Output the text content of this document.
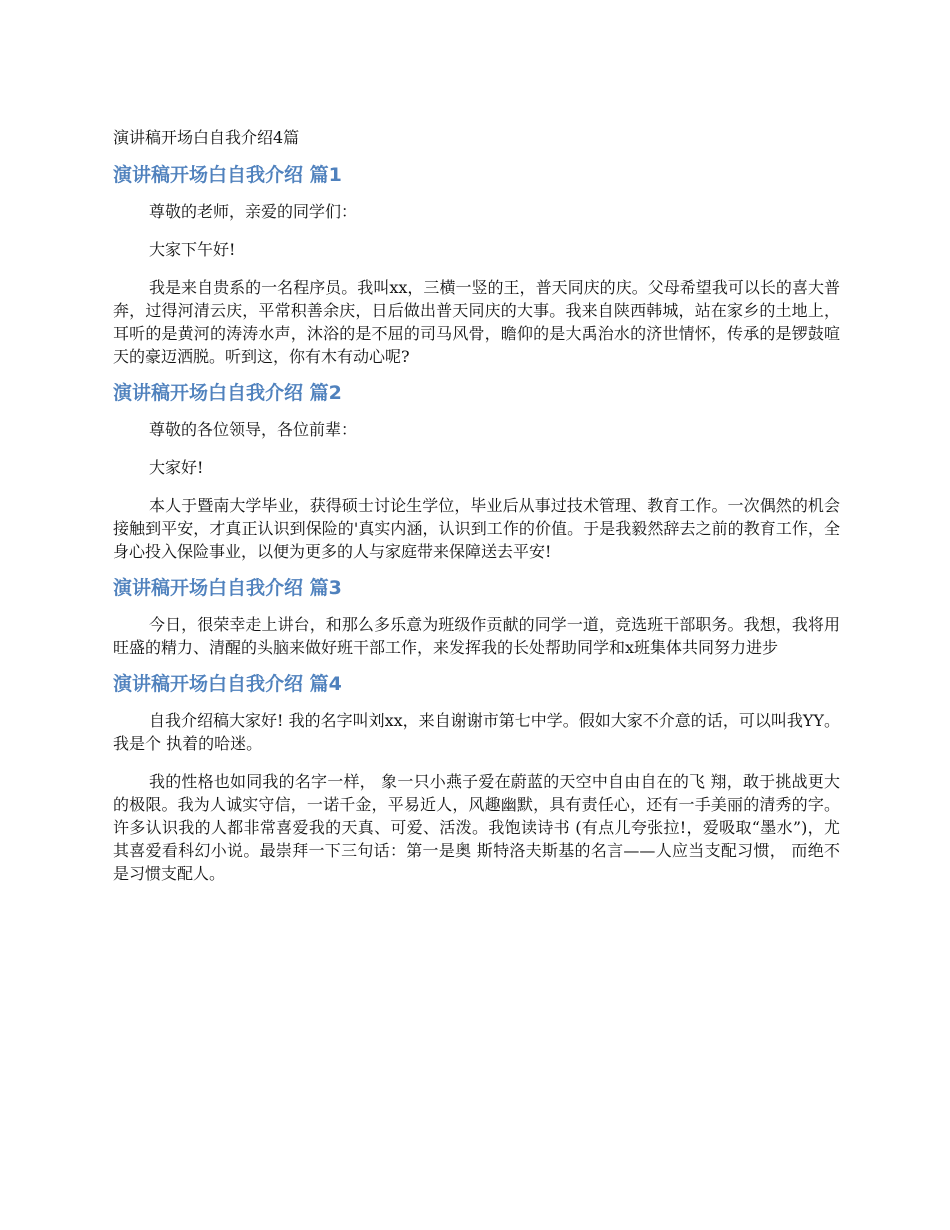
演讲稿开场白自我介绍4篇

演讲稿开场白自我介绍 篇1

尊敬的老师，亲爱的同学们：

大家下午好!

我是来自贵系的一名程序员。我叫xx，三横一竖的王，普天同庆的庆。父母希望我可以长的喜大普奔，过得河清云庆，平常积善余庆，日后做出普天同庆的大事。我来自陕西韩城，站在家乡的土地上，耳听的是黄河的涛涛水声，沐浴的是不屈的司马风骨，瞻仰的是大禹治水的济世情怀，传承的是锣鼓喧天的豪迈洒脱。听到这，你有木有动心呢?

演讲稿开场白自我介绍 篇2

尊敬的各位领导，各位前辈：

大家好!

本人于暨南大学毕业，获得硕士讨论生学位，毕业后从事过技术管理、教育工作。一次偶然的机会接触到平安，才真正认识到保险的'真实内涵，认识到工作的价值。于是我毅然辞去之前的教育工作，全身心投入保险事业，以便为更多的人与家庭带来保障送去平安!

演讲稿开场白自我介绍 篇3

今日，很荣幸走上讲台，和那么多乐意为班级作贡献的同学一道，竞选班干部职务。我想，我将用旺盛的精力、清醒的头脑来做好班干部工作，来发挥我的长处帮助同学和x班集体共同努力进步

演讲稿开场白自我介绍 篇4

自我介绍稿大家好! 我的名字叫刘xx，来自谢谢市第七中学。假如大家不介意的话，可以叫我YY。我是个 执着的哈迷。

我的性格也如同我的名字一样， 象一只小燕子爱在蔚蓝的天空中自由自在的飞 翔，敢于挑战更大的极限。我为人诚实守信，一诺千金，平易近人，风趣幽默，具有责任心，还有一手美丽的清秀的字。许多认识我的人都非常喜爱我的天真、可爱、活泼。我饱读诗书 (有点儿夸张拉!，爱吸取“墨水”)，尤其喜爱看科幻小说。最崇拜一下三句话：第一是奥 斯特洛夫斯基的名言——人应当支配习惯， 而绝不是习惯支配人。
